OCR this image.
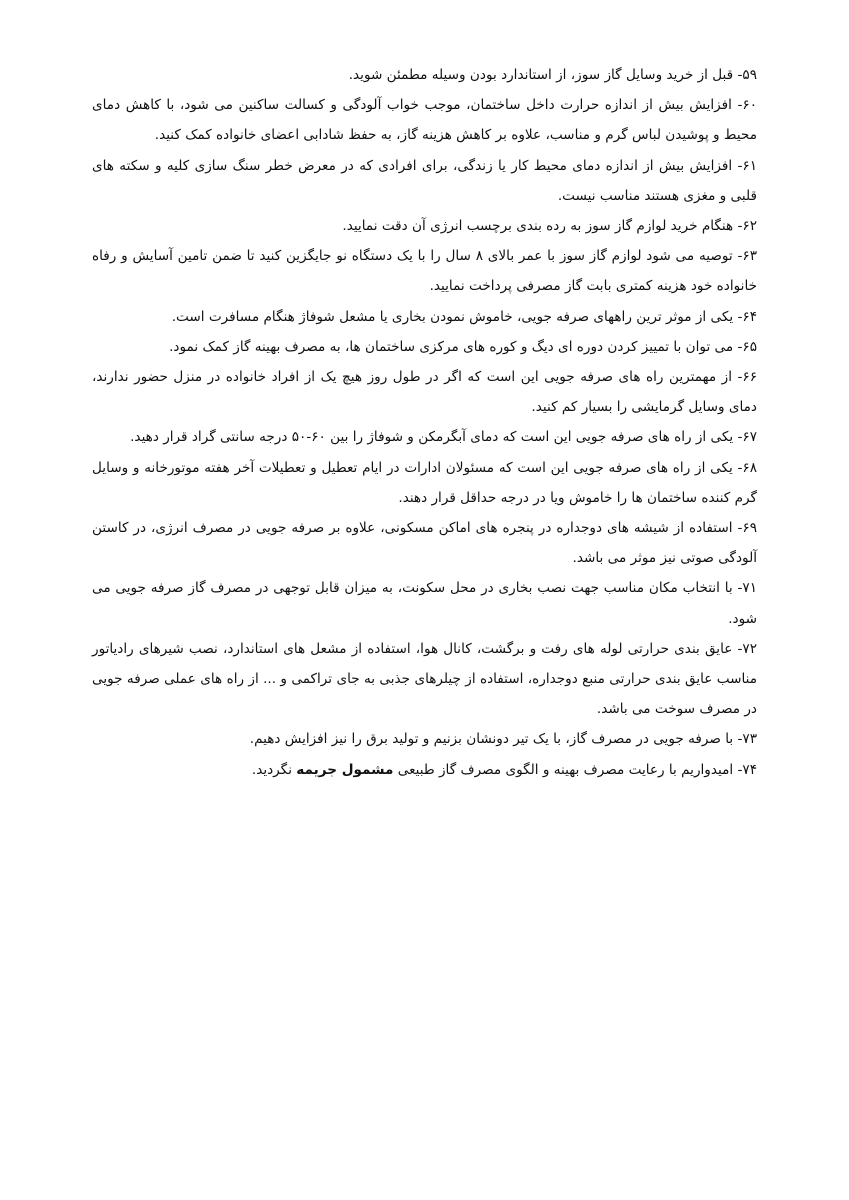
۵۹- قبل از خرید وسایل گاز سوز، از استاندارد بودن وسیله مطمئن شوید.

۶۰- افزایش بیش از اندازه حرارت داخل ساختمان، موجب خواب آلودگی و کسالت ساکنین می شود، با کاهش دمای محیط و پوشیدن لباس گرم و مناسب، علاوه بر کاهش هزینه گاز، به حفظ شادابی اعضای خانواده کمک کنید.

۶۱- افزایش بیش از اندازه دمای محیط کار یا زندگی، برای افرادی که در معرض خطر سنگ سازی کلیه و سکته های قلبی و مغزی هستند مناسب نیست.

۶۲- هنگام خرید لوازم گاز سوز به رده بندی برچسب انرژی آن دقت نمایید.

۶۳- توصیه می شود لوازم گاز سوز با عمر بالای ۸ سال را با یک دستگاه نو جایگزین کنید تا ضمن تامین آسایش و رفاه خانواده خود هزینه کمتری بابت گاز مصرفی پرداخت نمایید.

۶۴- یکی از موثر ترین راههای صرفه جویی، خاموش نمودن بخاری یا مشعل شوفاژ هنگام مسافرت است.

۶۵- می توان با تمییز کردن دوره ای دیگ و کوره های مرکزی ساختمان ها، به مصرف بهینه گاز کمک نمود.

۶۶- از مهمترین راه های صرفه جویی این است که اگر در طول روز هیچ یک از افراد خانواده در منزل حضور ندارند، دمای وسایل گرمایشی را بسیار کم کنید.

۶۷- یکی از راه های صرفه جویی این است که دمای آبگرمکن و شوفاژ را بین ۶۰-۵۰ درجه سانتی گراد قرار دهید.

۶۸- یکی از راه های صرفه جویی این است که مسئولان ادارات در ایام تعطیل و تعطیلات آخر هفته موتورخانه و وسایل گرم کننده ساختمان ها را خاموش ویا در درجه حداقل قرار دهند.

۶۹- استفاده از شیشه های دوجداره در پنجره های اماکن مسکونی، علاوه بر صرفه جویی در مصرف انرژی، در کاستن آلودگی صوتی نیز موثر می باشد.

۷۱- با انتخاب مکان مناسب جهت نصب بخاری در محل سکونت، به میزان قابل توجهی در مصرف گاز صرفه جویی می شود.

۷۲- عایق بندی حرارتی لوله های رفت و برگشت، کانال هوا، استفاده از مشعل های استاندارد، نصب شیرهای رادیاتور مناسب عایق بندی حرارتی منبع دوجداره، استفاده از چیلرهای جذبی به جای تراکمی و ... از راه های عملی صرفه جویی در مصرف سوخت می باشد.

۷۳- با صرفه جویی در مصرف گاز، با یک تیر دونشان بزنیم و تولید برق را نیز افزایش دهیم.

۷۴- امیدواریم با رعایت مصرف بهینه و الگوی مصرف گاز طبیعی مشمول جریمه نگردید.
